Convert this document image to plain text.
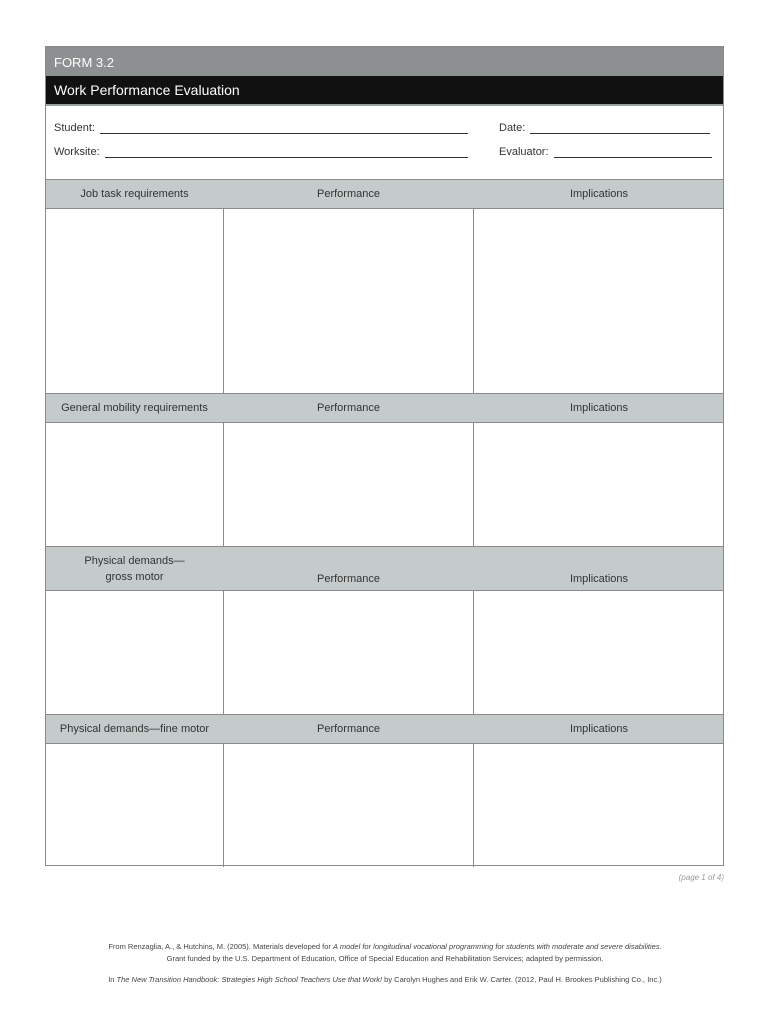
FORM 3.2
Work Performance Evaluation
Student:	Date:
Worksite:	Evaluator:
Job task requirements	Performance	Implications
General mobility requirements	Performance	Implications
Physical demands—
gross motor	Performance	Implications
Physical demands—fine motor	Performance	Implications
(page 1 of 4)
From Renzaglia, A., & Hutchins, M. (2005). Materials developed for A model for longitudinal vocational programming for students with moderate and severe disabilities.
Grant funded by the U.S. Department of Education, Office of Special Education and Rehabilitation Services; adapted by permission.
In The New Transition Handbook: Strategies High School Teachers Use that Work! by Carolyn Hughes and Erik W. Carter. (2012, Paul H. Brookes Publishing Co., Inc.)
